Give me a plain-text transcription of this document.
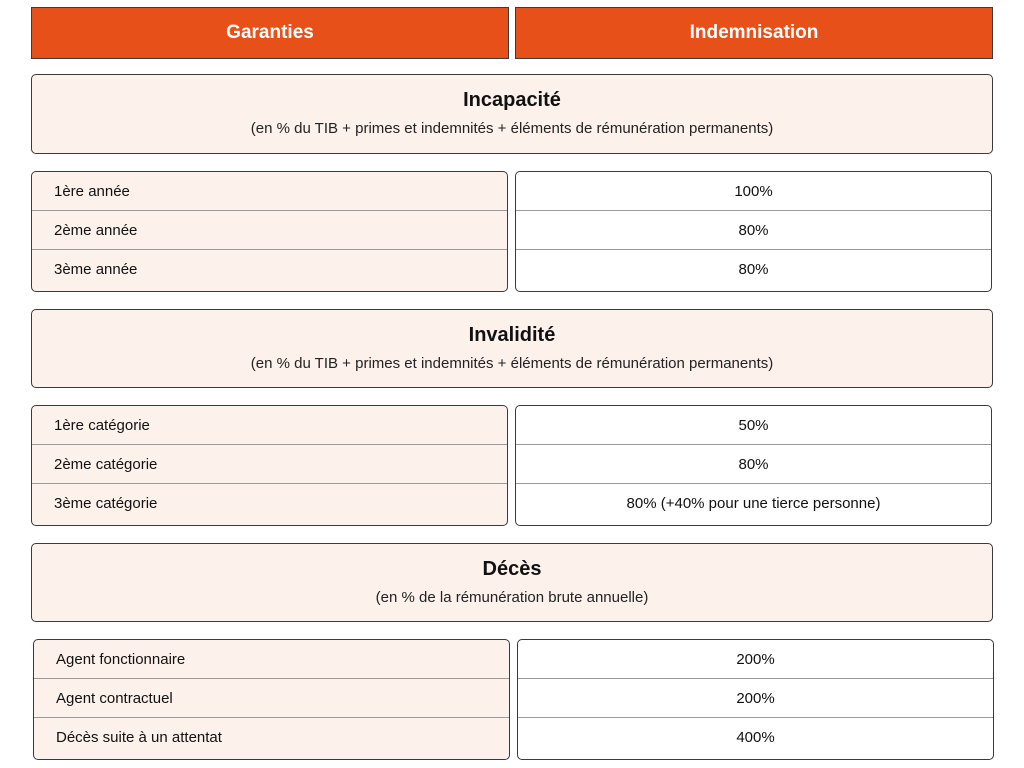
Garanties	Indemnisation
Incapacité
(en % du TIB + primes et indemnités + éléments de rémunération permanents)
1ère année
2ème année
3ème année
100%
80%
80%
Invalidité
(en % du TIB + primes et indemnités + éléments de rémunération permanents)
1ère catégorie
2ème catégorie
3ème catégorie
50%
80%
80% (+40% pour une tierce personne)
Décès
(en % de la rémunération brute annuelle)
Agent fonctionnaire
Agent contractuel
Décès suite à un attentat
200%
200%
400%
